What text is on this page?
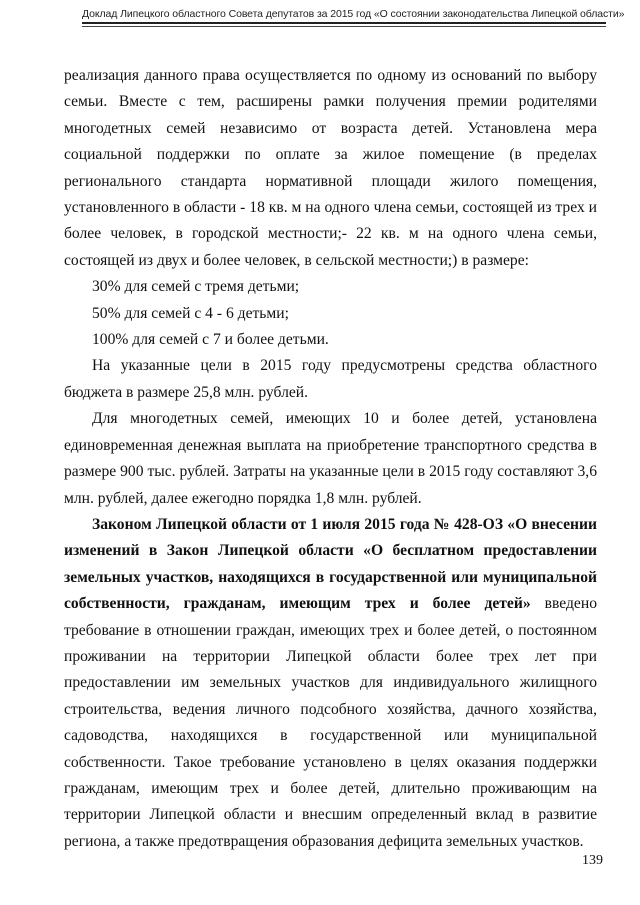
Доклад Липецкого областного Совета депутатов за 2015 год «О состоянии законодательства Липецкой области»

реализация данного права осуществляется по одному из оснований по выбору семьи. Вместе с тем, расширены рамки получения премии родителями многодетных семей независимо от возраста детей. Установлена мера социальной поддержки по оплате за жилое помещение (в пределах регионального стандарта нормативной площади жилого помещения, установленного в области - 18 кв. м на одного члена семьи, состоящей из трех и более человек, в городской местности;- 22 кв. м на одного члена семьи, состоящей из двух и более человек, в сельской местности;) в размере:

30% для семей с тремя детьми;

50% для семей с 4 - 6 детьми;

100% для семей с 7 и более детьми.

На указанные цели в 2015 году предусмотрены средства областного бюджета в размере 25,8 млн. рублей.

Для многодетных семей, имеющих 10 и более детей, установлена единовременная денежная выплата на приобретение транспортного средства в размере 900 тыс. рублей. Затраты на указанные цели в 2015 году составляют 3,6 млн. рублей, далее ежегодно порядка 1,8 млн. рублей.

Законом Липецкой области от 1 июля 2015 года № 428-ОЗ «О внесении изменений в Закон Липецкой области «О бесплатном предоставлении земельных участков, находящихся в государственной или муниципальной собственности, гражданам, имеющим трех и более детей» введено требование в отношении граждан, имеющих трех и более детей, о постоянном проживании на территории Липецкой области более трех лет при предоставлении им земельных участков для индивидуального жилищного строительства, ведения личного подсобного хозяйства, дачного хозяйства, садоводства, находящихся в государственной или муниципальной собственности. Такое требование установлено в целях оказания поддержки гражданам, имеющим трех и более детей, длительно проживающим на территории Липецкой области и внесшим определенный вклад в развитие региона, а также предотвращения образования дефицита земельных участков.

139
